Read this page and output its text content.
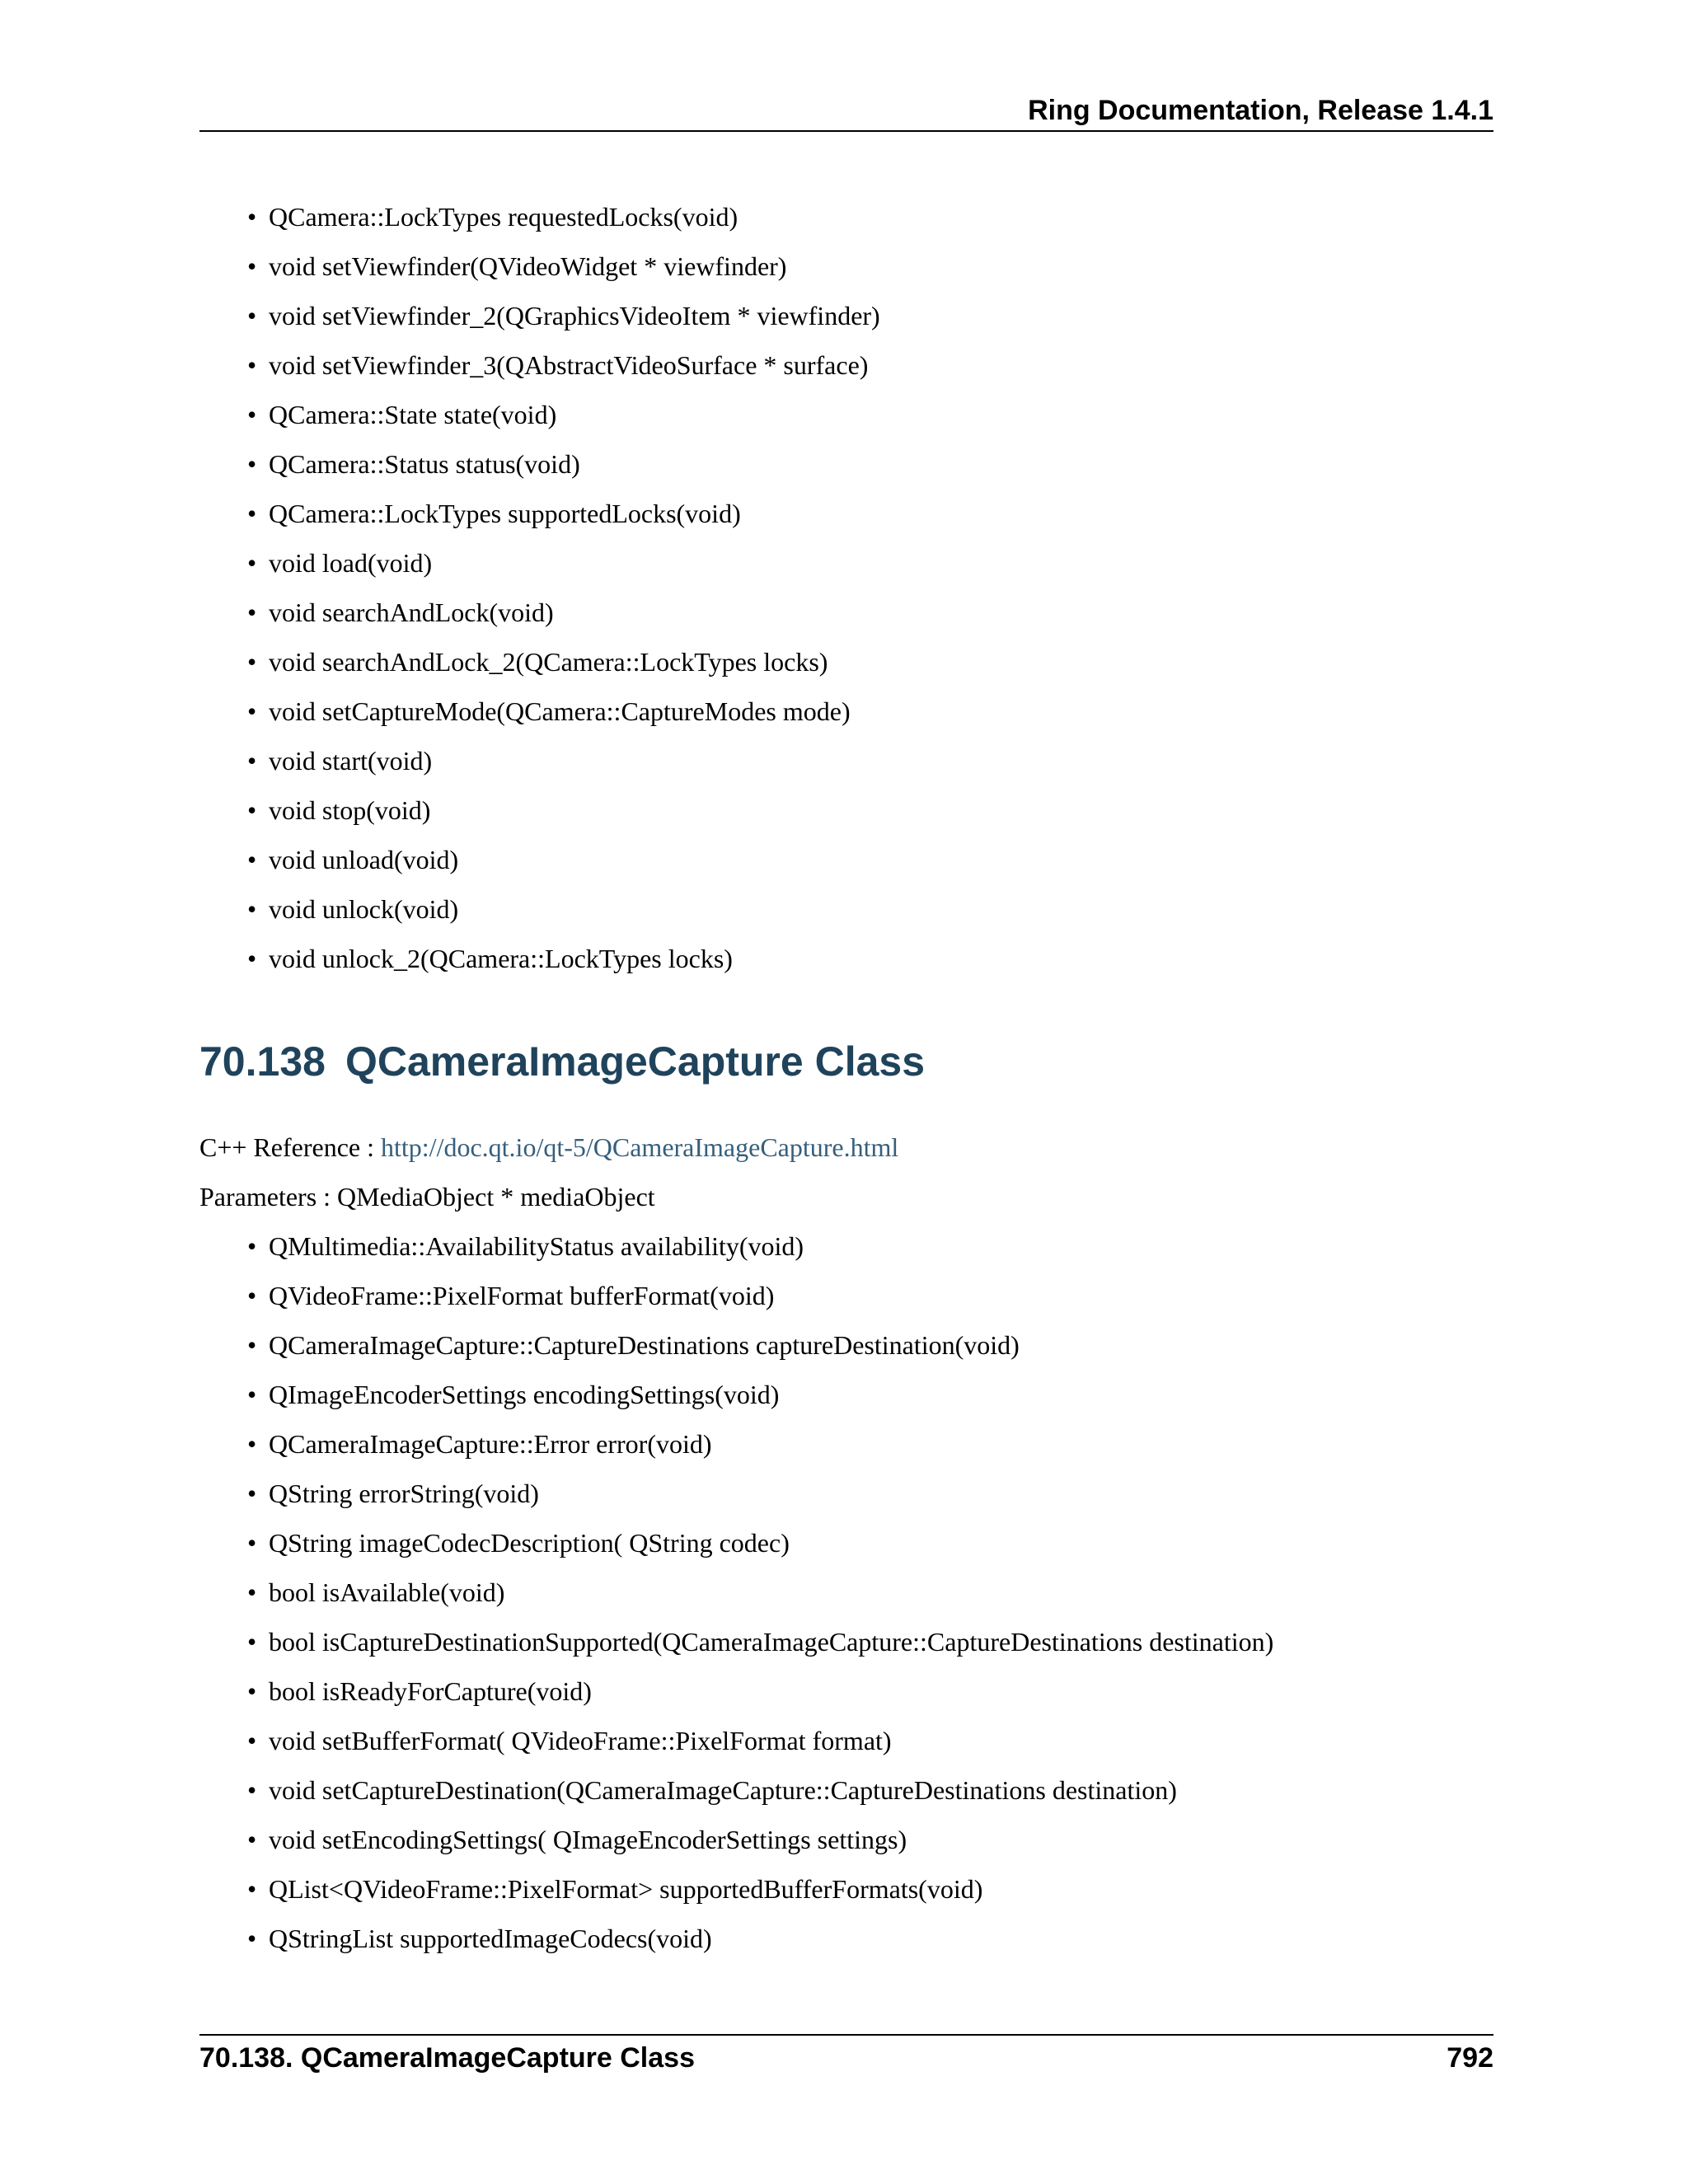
Ring Documentation, Release 1.4.1
• QCamera::LockTypes requestedLocks(void)
• void setViewfinder(QVideoWidget * viewfinder)
• void setViewfinder_2(QGraphicsVideoItem * viewfinder)
• void setViewfinder_3(QAbstractVideoSurface * surface)
• QCamera::State state(void)
• QCamera::Status status(void)
• QCamera::LockTypes supportedLocks(void)
• void load(void)
• void searchAndLock(void)
• void searchAndLock_2(QCamera::LockTypes locks)
• void setCaptureMode(QCamera::CaptureModes mode)
• void start(void)
• void stop(void)
• void unload(void)
• void unlock(void)
• void unlock_2(QCamera::LockTypes locks)
70.138 QCameraImageCapture Class
C++ Reference : http://doc.qt.io/qt-5/QCameraImageCapture.html
Parameters : QMediaObject * mediaObject
• QMultimedia::AvailabilityStatus availability(void)
• QVideoFrame::PixelFormat bufferFormat(void)
• QCameraImageCapture::CaptureDestinations captureDestination(void)
• QImageEncoderSettings encodingSettings(void)
• QCameraImageCapture::Error error(void)
• QString errorString(void)
• QString imageCodecDescription( QString codec)
• bool isAvailable(void)
• bool isCaptureDestinationSupported(QCameraImageCapture::CaptureDestinations destination)
• bool isReadyForCapture(void)
• void setBufferFormat( QVideoFrame::PixelFormat format)
• void setCaptureDestination(QCameraImageCapture::CaptureDestinations destination)
• void setEncodingSettings( QImageEncoderSettings settings)
• QList<QVideoFrame::PixelFormat> supportedBufferFormats(void)
• QStringList supportedImageCodecs(void)
70.138. QCameraImageCapture Class	792
